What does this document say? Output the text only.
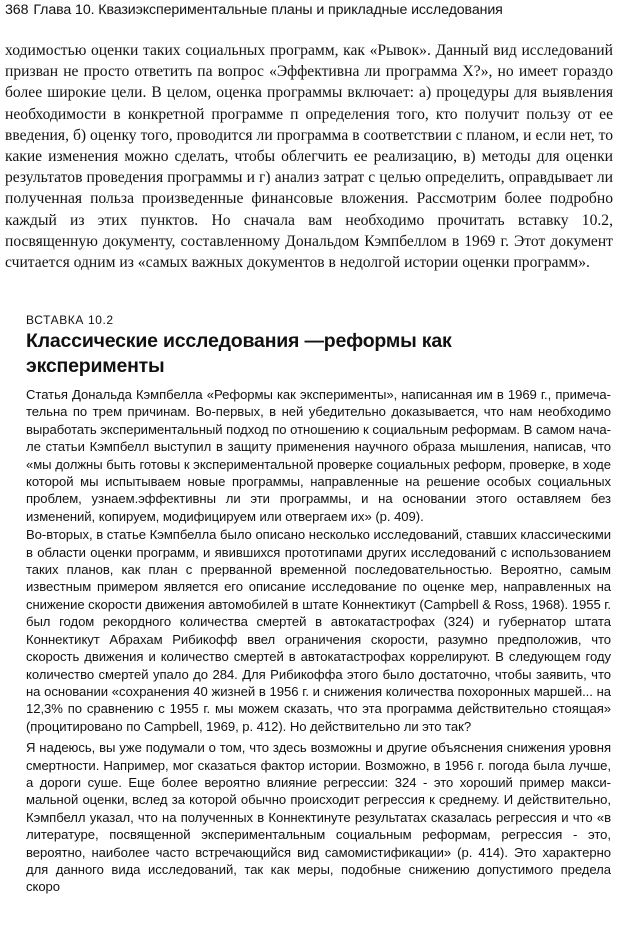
368 Глава 10. Квазиэкспериментальные планы и прикладные исследования

ходимостью оценки таких социальных программ, как «Рывок». Данный вид исследований призван не просто ответить па вопрос «Эффективна ли программа X?», но имеет гораздо более широкие цели. В целом, оценка программы включает: а) процедуры для выявления необходимости в конкретной программе п определения того, кто получит пользу от ее введения, б) оценку того, проводится ли программа в соответствии с планом, и если нет, то какие изменения можно сделать, чтобы облегчить ее реализацию, в) методы для оценки результатов проведения программы и г) анализ затрат с целью определить, оправдывает ли полученная польза произведенные финансовые вложения. Рассмотрим более подробно каждый из этих пунктов. Но сначала вам необходимо прочитать вставку 10.2, посвященную документу, составленному Дональдом Кэмпбеллом в 1969 г. Этот документ считается одним из «самых важных документов в недолгой истории оценки программ».

ВСТАВКА 10.2
Классические исследования —реформы как эксперименты

Статья Дональда Кэмпбелла «Реформы как эксперименты», написанная им в 1969 г., примечательна по трем причинам. Во-первых, в ней убедительно доказывается, что нам необходимо выработать экспериментальный подход по отношению к социальным реформам. В самом начале статьи Кэмпбелл выступил в защиту применения научного образа мышления, написав, что «мы должны быть готовы к экспериментальной проверке социальных реформ, проверке, в ходе которой мы испытываем новые программы, направленные на решение особых социальных проблем, узнаем.эффективны ли эти программы, и на основании этого оставляем без изменений, копируем, модифицируем или отвергаем их» (p. 409).

Во-вторых, в статье Кэмпбелла было описано несколько исследований, ставших классическими в области оценки программ, и явившихся прототипами других исследований с использованием таких планов, как план с прерванной временной последовательностью. Вероятно, самым известным примером является его описание исследование по оценке мер, направленных на снижение скорости движения автомобилей в штате Коннектикут (Campbell & Ross, 1968). 1955 г. был годом рекордного количества смертей в автокатастрофах (324) и губернатор штата Коннектикут Абрахам Рибикофф ввел ограничения скорости, разумно предположив, что скорость движения и количество смертей в автокатастрофах коррелируют. В следующем году количество смертей упало до 284. Для Рибикоффа этого было достаточно, чтобы заявить, что на основании «сохранения 40 жизней в 1956 г. и снижения количества похоронных маршей... на 12,3% по сравнению с 1955 г. мы можем сказать, что эта программа действительно стоящая» (процитировано по Campbell, 1969, p. 412). Но действительно ли это так?

Я надеюсь, вы уже подумали о том, что здесь возможны и другие объяснения снижения уровня смертности. Например, мог сказаться фактор истории. Возможно, в 1956 г. погода была лучше, а дороги суше. Еще более вероятно влияние регрессии: 324 - это хороший пример максимальной оценки, вслед за которой обычно происходит регрессия к среднему. И действительно, Кэмпбелл указал, что на полученных в Коннектинуте результатах сказалась регрессия и что «в литературе, посвященной экспериментальным социальным реформам, регрессия - это, вероятно, наиболее часто встречающийся вид самомистификации» (p. 414). Это характерно для данного вида исследований, так как меры, подобные снижению допустимого предела скоро
